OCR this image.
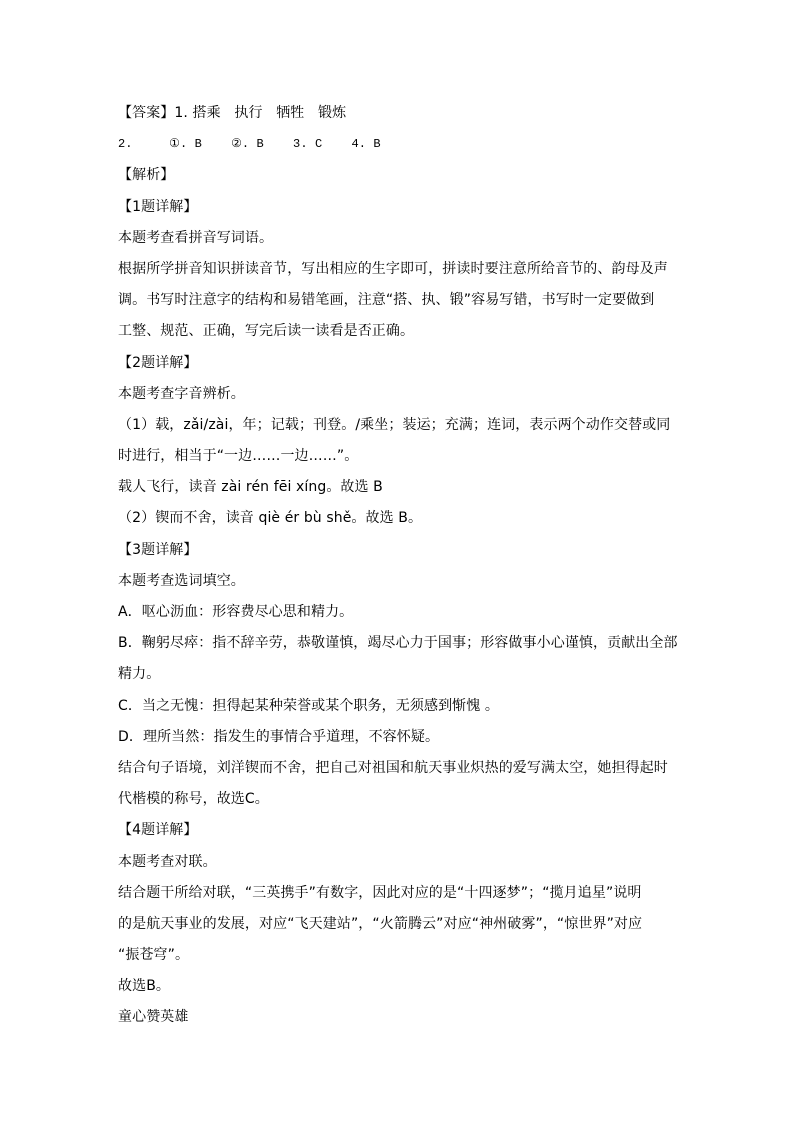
【答案】1. 搭乘   执行   牺牲   锻炼
2.     ①. B    ②. B    3. C    4. B
【解析】
【1题详解】
本题考查看拼音写词语。
根据所学拼音知识拼读音节，写出相应的生字即可，拼读时要注意所给音节的、韵母及声
调。书写时注意字的结构和易错笔画，注意“搭、执、锻”容易写错，书写时一定要做到
工整、规范、正确，写完后读一读看是否正确。
【2题详解】
本题考查字音辨析。
（1）载，zǎi/zài，年；记载；刊登。/乘坐；装运；充满；连词，表示两个动作交替或同
时进行，相当于“一边……一边……”。
载人飞行，读音 zài rén fēi xíng。故选 B
（2）锲而不舍，读音 qiè ér bù shě。故选 B。
【3题详解】
本题考查选词填空。
A．呕心沥血：形容费尽心思和精力。
B．鞠躬尽瘁：指不辞辛劳，恭敬谨慎，竭尽心力于国事；形容做事小心谨慎，贡献出全部
精力。
C．当之无愧：担得起某种荣誉或某个职务，无须感到惭愧 。
D．理所当然：指发生的事情合乎道理，不容怀疑。
结合句子语境，刘洋锲而不舍，把自己对祖国和航天事业炽热的爱写满太空，她担得起时
代楷模的称号，故选C。
【4题详解】
本题考查对联。
结合题干所给对联，“三英携手”有数字，因此对应的是“十四逐梦”；“揽月追星”说明
的是航天事业的发展，对应“飞天建站”，“火箭腾云”对应“神州破雾”，“惊世界”对应
“振苍穹”。
故选B。
童心赞英雄
